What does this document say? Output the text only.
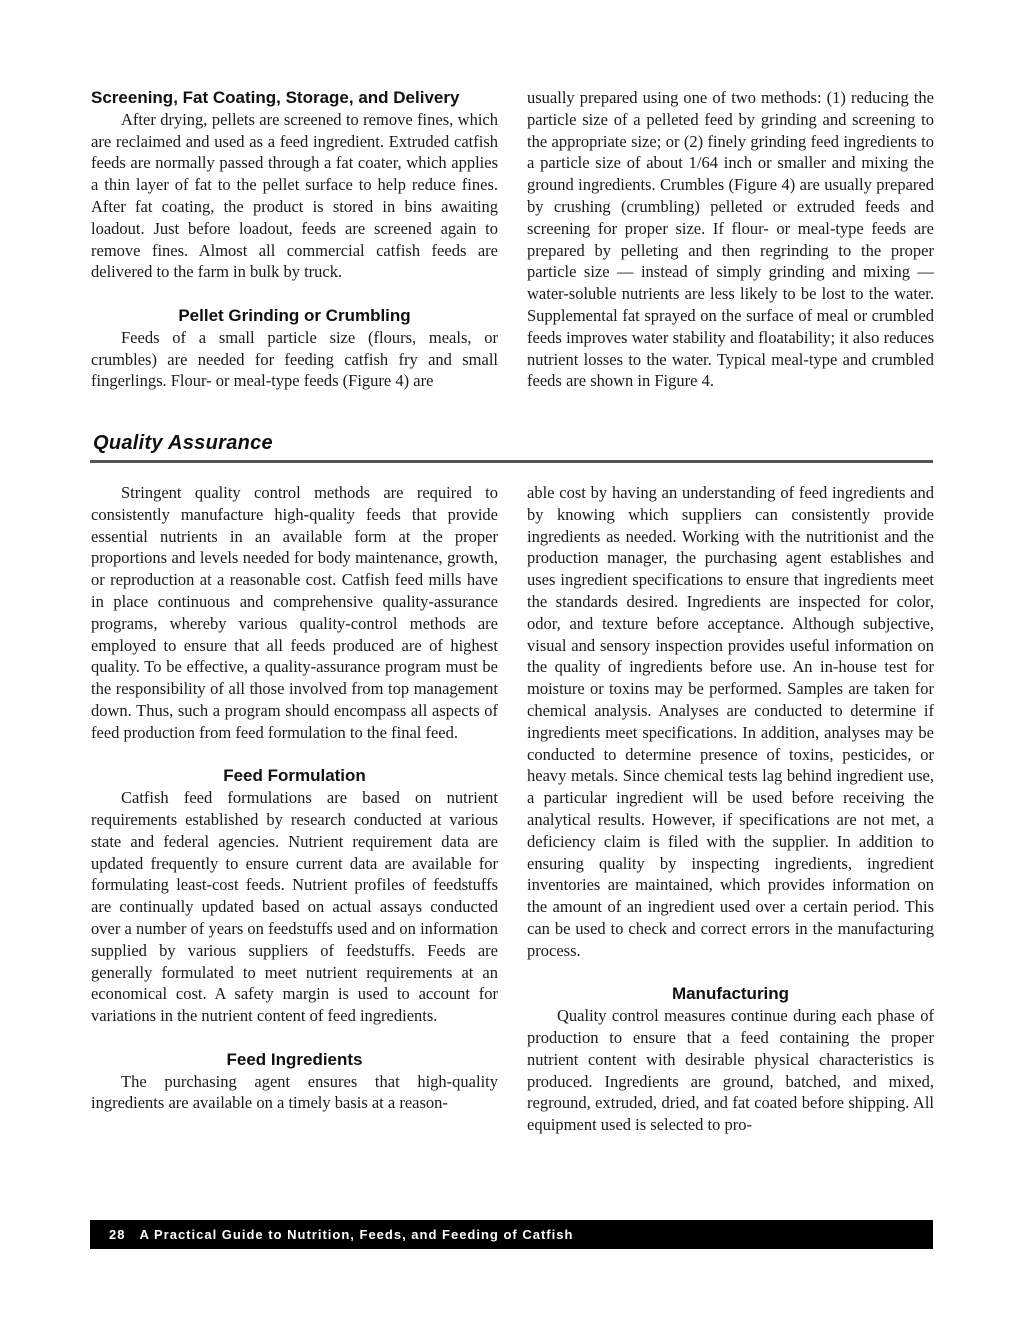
Screening, Fat Coating, Storage, and Delivery

After drying, pellets are screened to remove fines, which are reclaimed and used as a feed ingredient. Extruded catfish feeds are normally passed through a fat coater, which applies a thin layer of fat to the pellet surface to help reduce fines. After fat coating, the product is stored in bins awaiting loadout. Just before loadout, feeds are screened again to remove fines. Almost all commercial catfish feeds are delivered to the farm in bulk by truck.

Pellet Grinding or Crumbling

Feeds of a small particle size (flours, meals, or crumbles) are needed for feeding catfish fry and small fingerlings. Flour- or meal-type feeds (Figure 4) are

usually prepared using one of two methods: (1) reducing the particle size of a pelleted feed by grinding and screening to the appropriate size; or (2) finely grinding feed ingredients to a particle size of about 1/64 inch or smaller and mixing the ground ingredients. Crumbles (Figure 4) are usually prepared by crushing (crumbling) pelleted or extruded feeds and screening for proper size. If flour- or meal-type feeds are prepared by pelleting and then regrinding to the proper particle size — instead of simply grinding and mixing — water-soluble nutrients are less likely to be lost to the water. Supplemental fat sprayed on the surface of meal or crumbled feeds improves water stability and floatability; it also reduces nutrient losses to the water. Typical meal-type and crumbled feeds are shown in Figure 4.

Quality Assurance

Stringent quality control methods are required to consistently manufacture high-quality feeds that provide essential nutrients in an available form at the proper proportions and levels needed for body maintenance, growth, or reproduction at a reasonable cost. Catfish feed mills have in place continuous and comprehensive quality-assurance programs, whereby various quality-control methods are employed to ensure that all feeds produced are of highest quality. To be effective, a quality-assurance program must be the responsibility of all those involved from top management down. Thus, such a program should encompass all aspects of feed production from feed formulation to the final feed.

Feed Formulation

Catfish feed formulations are based on nutrient requirements established by research conducted at various state and federal agencies. Nutrient requirement data are updated frequently to ensure current data are available for formulating least-cost feeds. Nutrient profiles of feedstuffs are continually updated based on actual assays conducted over a number of years on feedstuffs used and on information supplied by various suppliers of feedstuffs. Feeds are generally formulated to meet nutrient requirements at an economical cost. A safety margin is used to account for variations in the nutrient content of feed ingredients.

Feed Ingredients

The purchasing agent ensures that high-quality ingredients are available on a timely basis at a reason-

able cost by having an understanding of feed ingredients and by knowing which suppliers can consistently provide ingredients as needed. Working with the nutritionist and the production manager, the purchasing agent establishes and uses ingredient specifications to ensure that ingredients meet the standards desired. Ingredients are inspected for color, odor, and texture before acceptance. Although subjective, visual and sensory inspection provides useful information on the quality of ingredients before use. An in-house test for moisture or toxins may be performed. Samples are taken for chemical analysis. Analyses are conducted to determine if ingredients meet specifications. In addition, analyses may be conducted to determine presence of toxins, pesticides, or heavy metals. Since chemical tests lag behind ingredient use, a particular ingredient will be used before receiving the analytical results. However, if specifications are not met, a deficiency claim is filed with the supplier. In addition to ensuring quality by inspecting ingredients, ingredient inventories are maintained, which provides information on the amount of an ingredient used over a certain period. This can be used to check and correct errors in the manufacturing process.

Manufacturing

Quality control measures continue during each phase of production to ensure that a feed containing the proper nutrient content with desirable physical characteristics is produced. Ingredients are ground, batched, and mixed, reground, extruded, dried, and fat coated before shipping. All equipment used is selected to pro-

28 A Practical Guide to Nutrition, Feeds, and Feeding of Catfish
